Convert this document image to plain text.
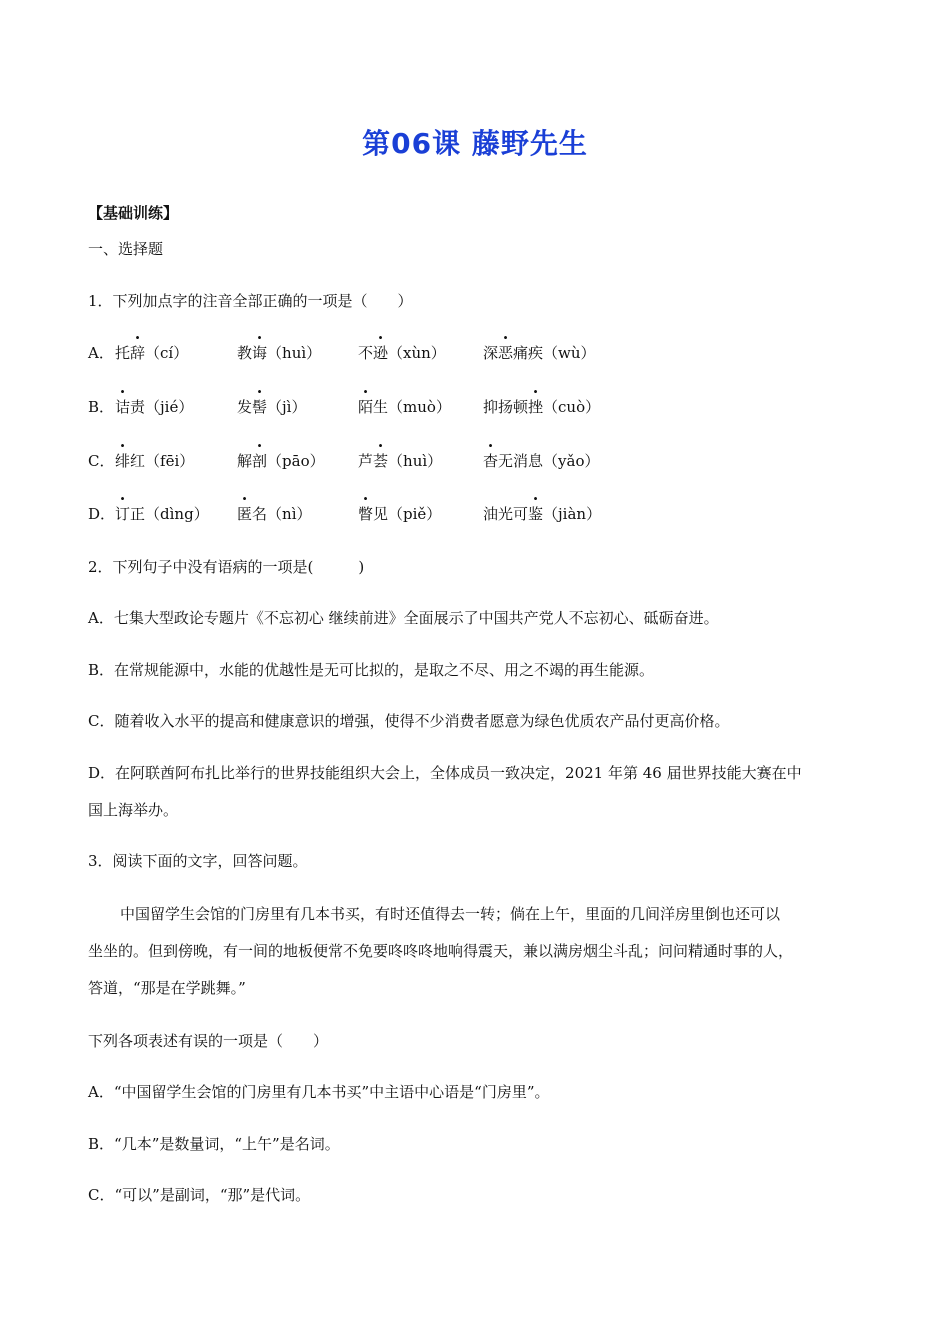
第06课 藤野先生
【基础训练】
一、选择题
1．下列加点字的注音全部正确的一项是（　　）
A． 托辞（cí）	教诲（huì） 不逊（xùn） 深恶痛疾（wù）
B． 诘责（jié）	发髻（jì）	陌生（muò） 抑扬顿挫（cuò）
C． 绯红（fēi）	解剖（pāo） 芦荟（huì）	杳无消息（yǎo）
D． 订正（dìng） 匿名（nì）	瞥见（piě）	油光可鉴（jiàn）
2．下列句子中没有语病的一项是(　　　)
A．七集大型政论专题片《不忘初心 继续前进》全面展示了中国共产党人不忘初心、砥砺奋进。
B．在常规能源中，水能的优越性是无可比拟的，是取之不尽、用之不竭的再生能源。
C．随着收入水平的提高和健康意识的增强，使得不少消费者愿意为绿色优质农产品付更高价格。
D．在阿联酋阿布扎比举行的世界技能组织大会上，全体成员一致决定，2021 年第 46 届世界技能大赛在中
国上海举办。
3．阅读下面的文字，回答问题。
中国留学生会馆的门房里有几本书买，有时还值得去一转；倘在上午，里面的几间洋房里倒也还可以
坐坐的。但到傍晚，有一间的地板便常不免要咚咚咚地响得震天，兼以满房烟尘斗乱；问问精通时事的人，
答道，“那是在学跳舞。”
下列各项表述有误的一项是（　　）
A．“中国留学生会馆的门房里有几本书买”中主语中心语是“门房里”。
B．“几本”是数量词，“上午”是名词。
C．“可以”是副词，“那”是代词。
